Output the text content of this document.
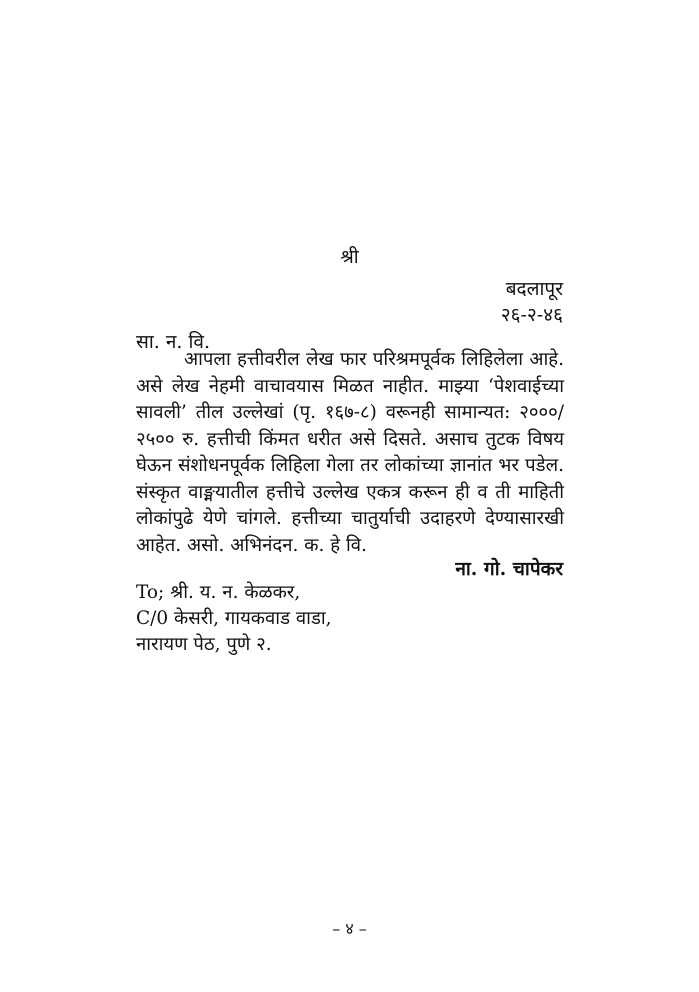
श्री
बदलापूर
२६-२-४६
सा. न. वि.

आपला हत्तीवरील लेख फार परिश्रमपूर्वक लिहिलेला आहे. असे लेख नेहमी वाचावयास मिळत नाहीत. माझ्या ‘पेशवाईच्या सावली’ तील उल्लेखां (पृ. १६७-८) वरूनही सामान्यत: २०००/ २५०० रु. हत्तीची किंमत धरीत असे दिसते. असाच तुटक विषय घेऊन संशोधनपूर्वक लिहिला गेला तर लोकांच्या ज्ञानांत भर पडेल. संस्कृत वाङ्मयातील हत्तीचे उल्लेख एकत्र करून ही व ती माहिती लोकांपुढे येणे चांगले. हत्तीच्या चातुर्याची उदाहरणे देण्यासारखी आहेत. असो. अभिनंदन. क. हे वि.

ना. गो. चापेकर
To; श्री. य. न. केळकर,
C/0 केसरी, गायकवाड वाडा,
नारायण पेठ, पुणे २.
– ४ –
